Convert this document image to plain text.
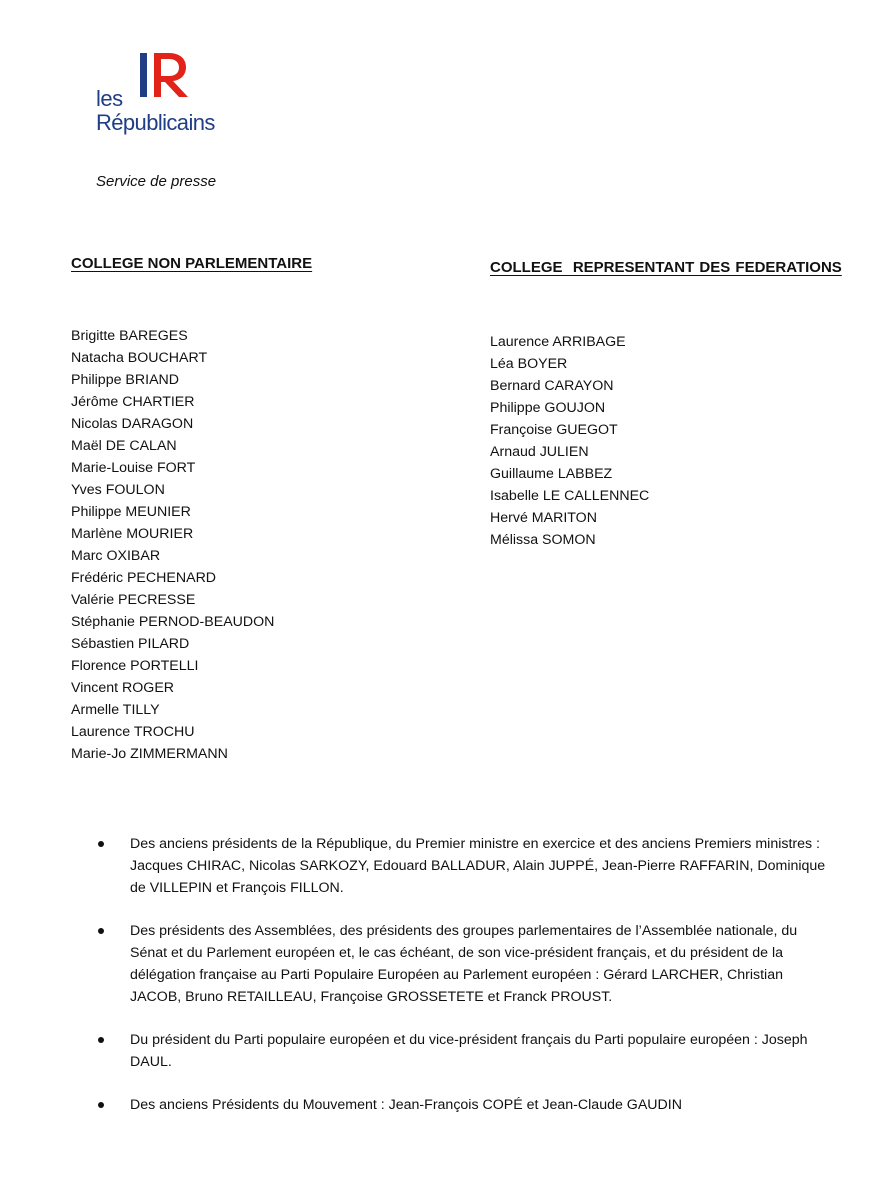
les
Républicains
Service de presse
COLLEGE NON PARLEMENTAIRE	COLLEGE  REPRESENTANT DES FEDERATIONS
Brigitte BAREGES
Natacha BOUCHART
Philippe BRIAND
Jérôme CHARTIER
Nicolas DARAGON
Maël DE CALAN
Marie-Louise FORT
Yves FOULON
Philippe MEUNIER
Marlène MOURIER
Marc OXIBAR
Frédéric PECHENARD
Valérie PECRESSE
Stéphanie PERNOD-BEAUDON
Sébastien PILARD
Florence PORTELLI
Vincent ROGER
Armelle TILLY
Laurence TROCHU
Marie-Jo ZIMMERMANN
Laurence ARRIBAGE
Léa BOYER
Bernard CARAYON
Philippe GOUJON
Françoise GUEGOT
Arnaud JULIEN
Guillaume LABBEZ
Isabelle LE CALLENNEC
Hervé MARITON
Mélissa SOMON
Des anciens présidents de la République, du Premier ministre en exercice et des anciens Premiers ministres : Jacques CHIRAC, Nicolas SARKOZY, Edouard BALLADUR, Alain JUPPÉ, Jean-Pierre RAFFARIN, Dominique de VILLEPIN et François FILLON.
Des présidents des Assemblées, des présidents des groupes parlementaires de l’Assemblée nationale, du Sénat et du Parlement européen et, le cas échéant, de son vice-président français, et du président de la délégation française au Parti Populaire Européen au Parlement européen : Gérard LARCHER, Christian JACOB, Bruno RETAILLEAU, Françoise GROSSETETE et Franck PROUST.
Du président du Parti populaire européen et du vice-président français du Parti populaire européen : Joseph DAUL.
Des anciens Présidents du Mouvement : Jean-François COPÉ et Jean-Claude GAUDIN
